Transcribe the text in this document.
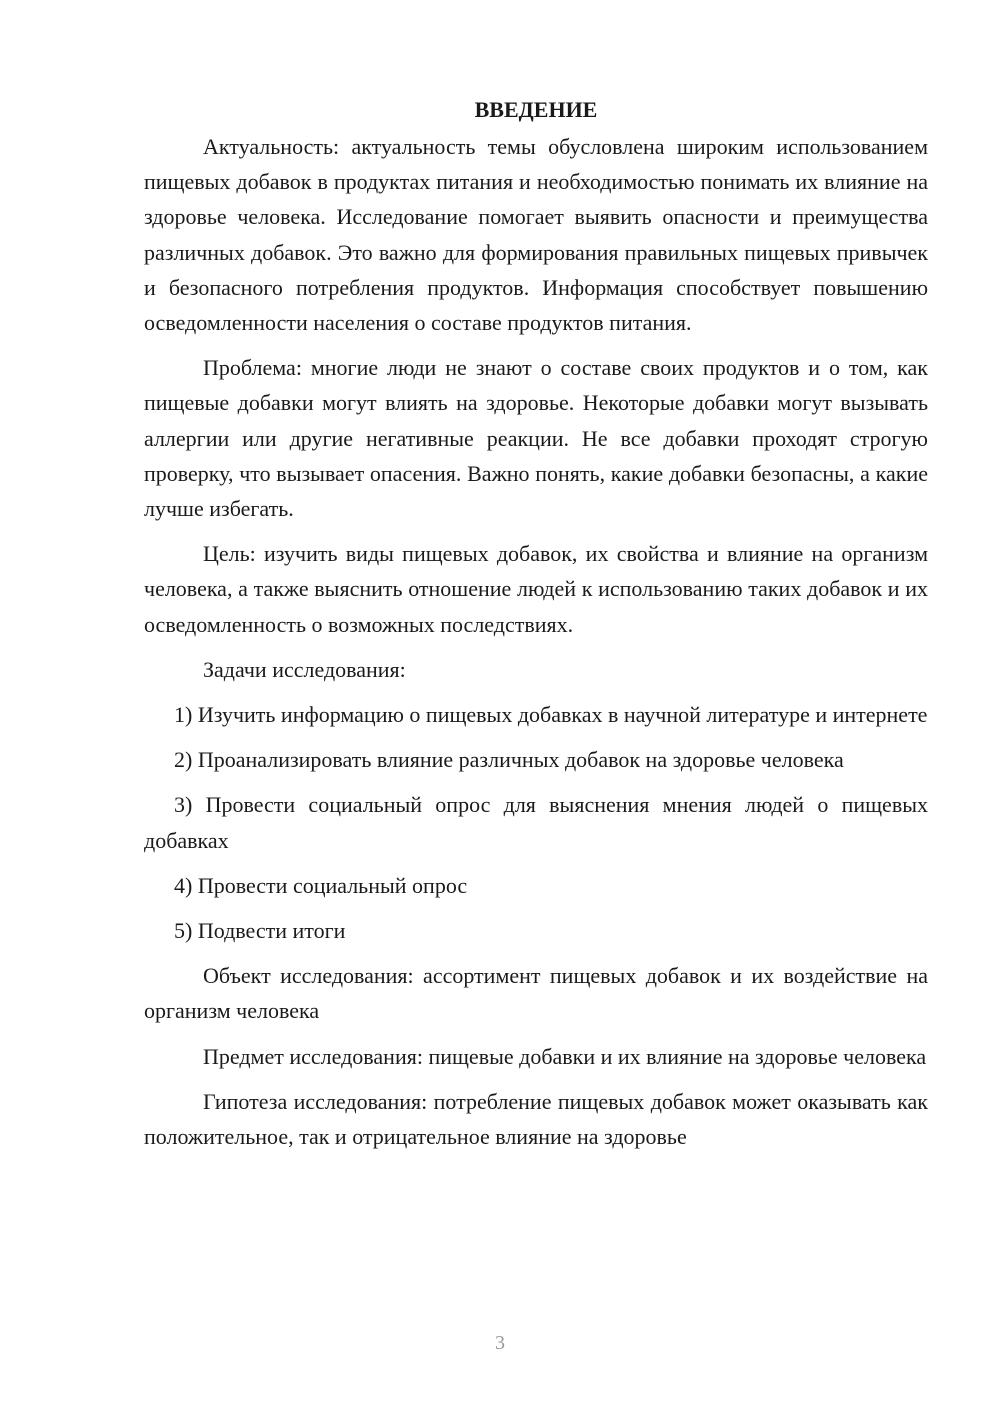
ВВЕДЕНИЕ

Актуальность: актуальность темы обусловлена широким использованием пищевых добавок в продуктах питания и необходимостью понимать их влияние на здоровье человека. Исследование помогает выявить опасности и преимущества различных добавок. Это важно для формирования правильных пищевых привычек и безопасного потребления продуктов. Информация способствует повышению осведомленности населения о составе продуктов питания.

Проблема: многие люди не знают о составе своих продуктов и о том, как пищевые добавки могут влиять на здоровье. Некоторые добавки могут вызывать аллергии или другие негативные реакции. Не все добавки проходят строгую проверку, что вызывает опасения. Важно понять, какие добавки безопасны, а какие лучше избегать.

Цель: изучить виды пищевых добавок, их свойства и влияние на организм человека, а также выяснить отношение людей к использованию таких добавок и их осведомленность о возможных последствиях.

Задачи исследования:

1) Изучить информацию о пищевых добавках в научной литературе и интернете

2) Проанализировать влияние различных добавок на здоровье человека

3) Провести социальный опрос для выяснения мнения людей о пищевых добавках

4) Провести социальный опрос

5) Подвести итоги

Объект исследования: ассортимент пищевых добавок и их воздействие на организм человека

Предмет исследования: пищевые добавки и их влияние на здоровье человека

Гипотеза исследования: потребление пищевых добавок может оказывать как положительное, так и отрицательное влияние на здоровье

3
